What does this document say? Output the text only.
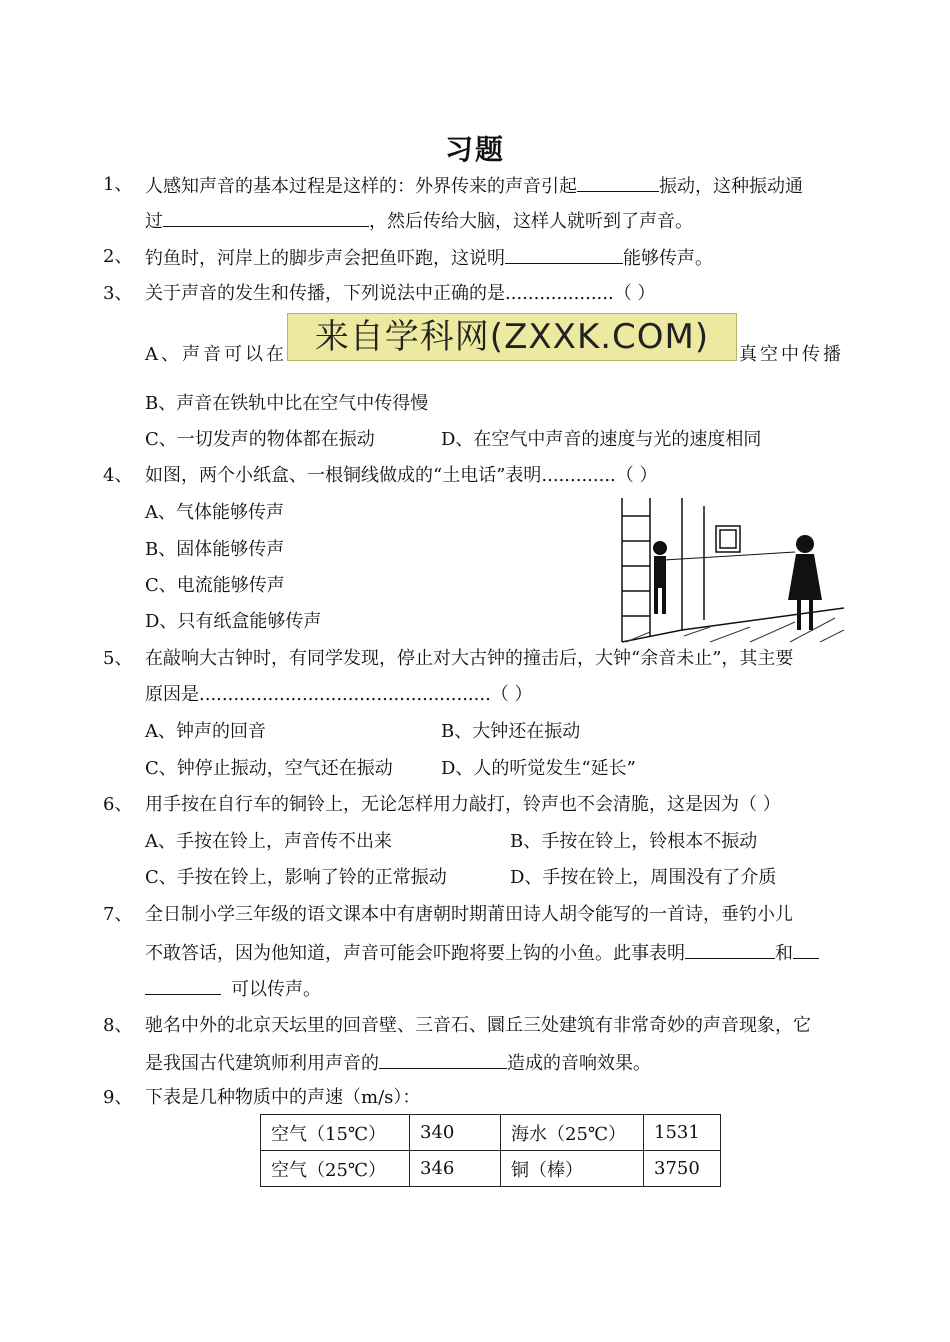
习题
1、 人感知声音的基本过程是这样的：外界传来的声音引起	振动，这种振动通
过	，然后传给大脑，这样人就听到了声音。
2、 钓鱼时，河岸上的脚步声会把鱼吓跑，这说明	能够传声。
3、 关于声音的发生和传播，下列说法中正确的是...................（ ）
A、声音可以在 来自学科网(ZXXK.COM)	真空中传播
B、声音在铁轨中比在空气中传得慢
C、一切发声的物体都在振动	D、在空气中声音的速度与光的速度相同
4、 如图，两个小纸盒、一根铜线做成的“土电话”表明.............（ ）
A、气体能够传声
B、固体能够传声
C、电流能够传声
D、只有纸盒能够传声
5、 在敲响大古钟时，有同学发现，停止对大古钟的撞击后，大钟“余音未止”，其主要
原因是...................................................（ ）
A、钟声的回音	B、大钟还在振动
C、钟停止振动，空气还在振动	D、人的听觉发生“延长”
6、 用手按在自行车的铜铃上，无论怎样用力敲打，铃声也不会清脆，这是因为（ ）
A、手按在铃上，声音传不出来	B、手按在铃上，铃根本不振动
C、手按在铃上，影响了铃的正常振动	D、手按在铃上，周围没有了介质
7、 全日制小学三年级的语文课本中有唐朝时期莆田诗人胡令能写的一首诗，垂钓小儿
不敢答话，因为他知道，声音可能会吓跑将要上钩的小鱼。此事表明	和
可以传声。
8、 驰名中外的北京天坛里的回音壁、三音石、圜丘三处建筑有非常奇妙的声音现象，它
是我国古代建筑师利用声音的	造成的音响效果。
9、 下表是几种物质中的声速（m/s）：
空气（15℃）	340	海水（25℃）	1531
空气（25℃）	346	铜（棒）	3750
